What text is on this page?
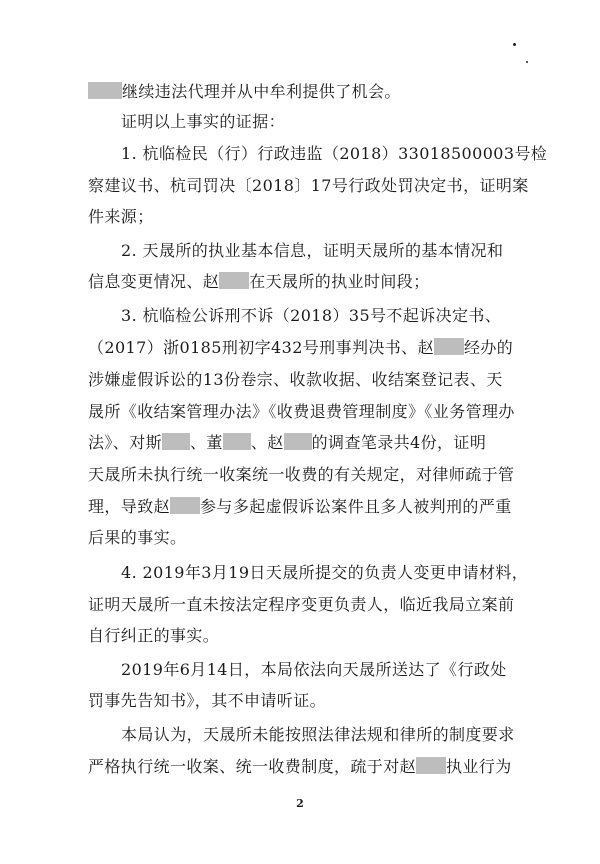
继续违法代理并从中牟利提供了机会。
证明以上事实的证据：
1. 杭临检民（行）行政违监（2018）33018500003号检
察建议书、杭司罚决〔2018〕17号行政处罚决定书，证明案
件来源；
2. 天晟所的执业基本信息，证明天晟所的基本情况和
信息变更情况、赵 在天晟所的执业时间段；
3. 杭临检公诉刑不诉（2018）35号不起诉决定书、
（2017）浙0185刑初字432号刑事判决书、赵 经办的
涉嫌虚假诉讼的13份卷宗、收款收据、收结案登记表、天
晟所《收结案管理办法》《收费退费管理制度》《业务管理办
法》、对斯 、董 、赵 的调查笔录共4份，证明
天晟所未执行统一收案统一收费的有关规定，对律师疏于管
理，导致赵 参与多起虚假诉讼案件且多人被判刑的严重
后果的事实。
4. 2019年3月19日天晟所提交的负责人变更申请材料，
证明天晟所一直未按法定程序变更负责人，临近我局立案前
自行纠正的事实。
2019年6月14日，本局依法向天晟所送达了《行政处
罚事先告知书》，其不申请听证。
本局认为，天晟所未能按照法律法规和律所的制度要求
严格执行统一收案、统一收费制度，疏于对赵 执业行为
2
